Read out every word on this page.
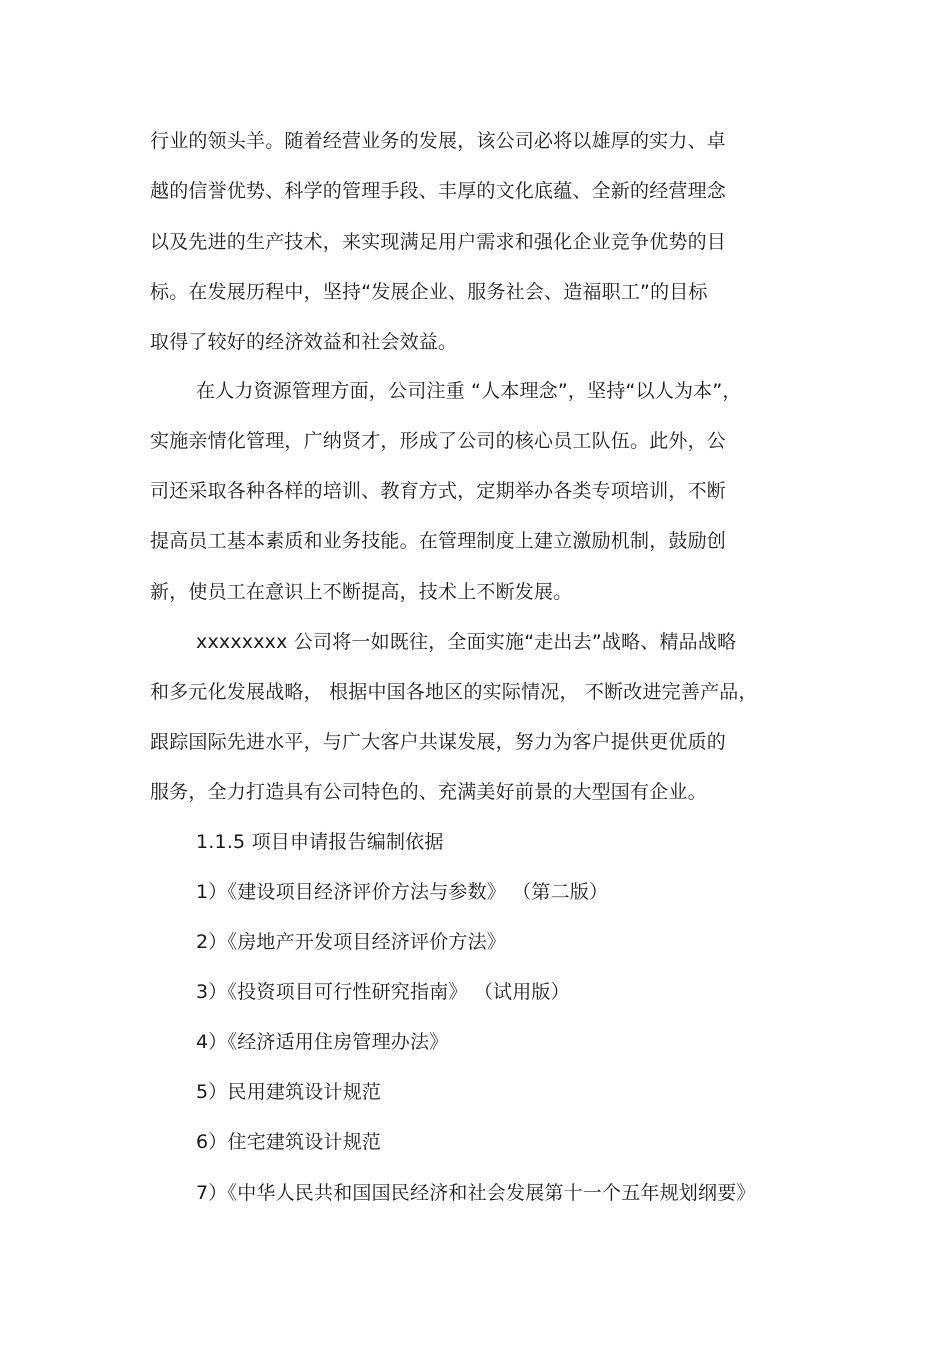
行业的领头羊。随着经营业务的发展，该公司必将以雄厚的实力、卓
越的信誉优势、科学的管理手段、丰厚的文化底蕴、全新的经营理念
以及先进的生产技术，来实现满足用户需求和强化企业竞争优势的目
标。在发展历程中，坚持“发展企业、服务社会、造福职工”的目标
取得了较好的经济效益和社会效益。
在人力资源管理方面，公司注重 “人本理念”，坚持“以人为本”，
实施亲情化管理，广纳贤才，形成了公司的核心员工队伍。此外，公
司还采取各种各样的培训、教育方式，定期举办各类专项培训，不断
提高员工基本素质和业务技能。在管理制度上建立激励机制，鼓励创
新，使员工在意识上不断提高，技术上不断发展。
xxxxxxxx 公司将一如既往，全面实施“走出去”战略、精品战略
和多元化发展战略， 根据中国各地区的实际情况， 不断改进完善产品，
跟踪国际先进水平，与广大客户共谋发展，努力为客户提供更优质的
服务，全力打造具有公司特色的、充满美好前景的大型国有企业。
1.1.5 项目申请报告编制依据
1）《建设项目经济评价方法与参数》 （第二版）
2）《房地产开发项目经济评价方法》
3）《投资项目可行性研究指南》 （试用版）
4）《经济适用住房管理办法》
5）民用建筑设计规范
6）住宅建筑设计规范
7）《中华人民共和国国民经济和社会发展第十一个五年规划纲要》
